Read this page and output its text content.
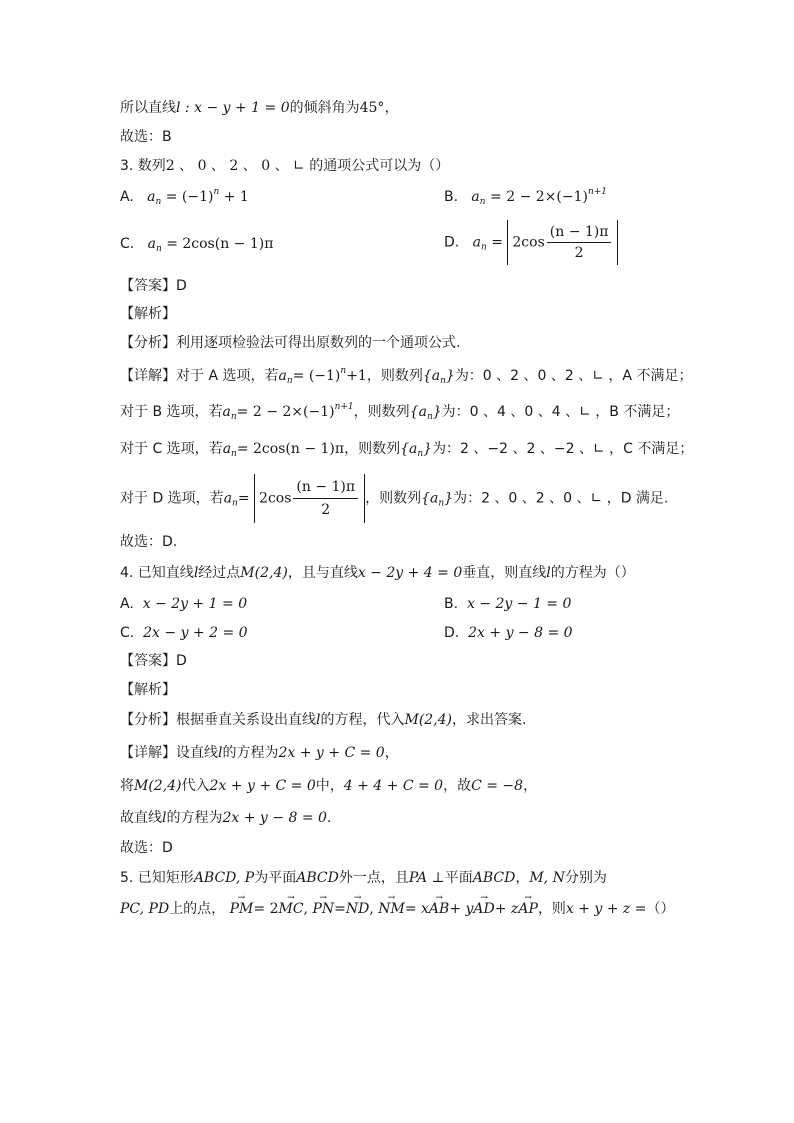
所以直线l : x − y + 1 = 0的倾斜角为45°，
故选：B
3. 数列2 、 0 、 2 、 0 、 ∟ 的通项公式可以为（）
A. $a_n = (-1)^n + 1$	B. $a_n = 2 - 2\times(-1)^{n+1}$
C. $a_n = 2\cos(n - 1)\pi$	D. $a_n = 2\cos \frac{(n - 1)\pi}{2}$
【答案】D
【解析】
【分析】利用逐项检验法可得出原数列的一个通项公式.
【详解】对于 A 选项，若$a_n= (-1)^n+1$，则数列$\{a_n\}$为：0 、2 、0 、2 、∟ ，A 不满足；
对于 B 选项，若$a_n= 2 - 2\times(-1)^{n+1}$，则数列$\{a_n\}$为：0 、4 、0 、4 、∟ ，B 不满足；
对于 C 选项，若$a_n= 2\cos(n - 1)\pi$，则数列$\{a_n\}$为：2 、−2 、2 、−2 、∟ ，C 不满足；
对于 D 选项，若$a_n= 2\cos \frac{(n - 1)\pi}{2}$ ，则数列$\{a_n\}$为：2 、0 、2 、0 、∟ ，D 满足.
故选：D.
4. 已知直线l经过点M(2,4)，且与直线x − 2y + 4 = 0垂直，则直线l的方程为（）
A. x − 2y + 1 = 0	B. x − 2y − 1 = 0
C. 2x − y + 2 = 0	D. 2x + y − 8 = 0
【答案】D
【解析】
【分析】根据垂直关系设出直线l的方程，代入M(2,4)，求出答案.
【详解】设直线l的方程为2x + y + C = 0，
将M(2,4)代入2x + y + C = 0中，4 + 4 + C = 0，故C = −8，
故直线l的方程为2x + y − 8 = 0.
故选：D
5. 已知矩形ABCD, P为平面ABCD外一点，且PA ⊥平面ABCD，M, N分别为
PC, PD上的点， → PM= 2→ MC, → PN=→ ND, → NM= x→ AB+ y→ AD+ z→ AP，则x + y + z =（）
